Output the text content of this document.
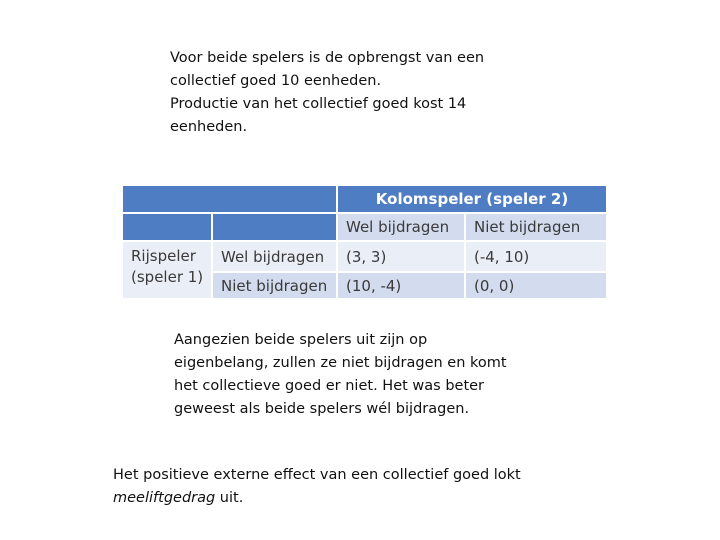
Voor beide spelers is de opbrengst van een
collectief goed 10 eenheden.
Productie van het collectief goed kost 14
eenheden.

		Kolomspeler (speler 2)	
		Wel bijdragen	Niet bijdragen

Rijspeler
(speler 1)	Wel bijdragen	(3, 3)	(-4, 10)
	Niet bijdragen	(10, -4)	(0, 0)

Aangezien beide spelers uit zijn op
eigenbelang, zullen ze niet bijdragen en komt
het collectieve goed er niet. Het was beter
geweest als beide spelers wél bijdragen.

Het positieve externe effect van een collectief goed lokt
meeliftgedrag uit.
